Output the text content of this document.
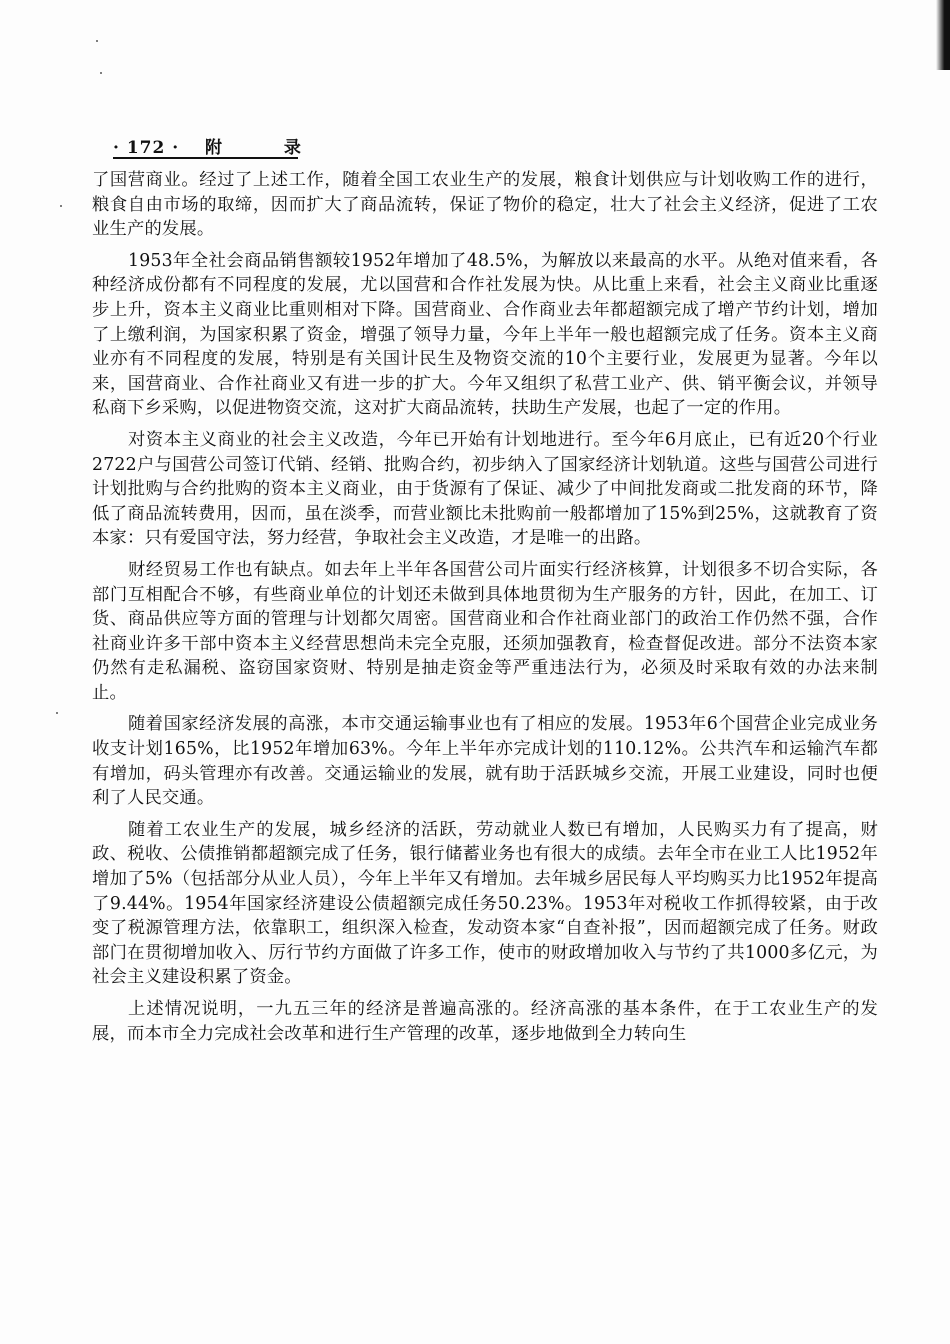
· 172 · 附 录

了国营商业。经过了上述工作，随着全国工农业生产的发展，粮食计划供应与计划收购工作的进行，粮食自由市场的取缔，因而扩大了商品流转，保证了物价的稳定，壮大了社会主义经济，促进了工农业生产的发展。

1953年全社会商品销售额较1952年增加了48.5%，为解放以来最高的水平。从绝对值来看，各种经济成份都有不同程度的发展，尤以国营和合作社发展为快。从比重上来看，社会主义商业比重逐步上升，资本主义商业比重则相对下降。国营商业、合作商业去年都超额完成了增产节约计划，增加了上缴利润，为国家积累了资金，增强了领导力量，今年上半年一般也超额完成了任务。资本主义商业亦有不同程度的发展，特别是有关国计民生及物资交流的10个主要行业，发展更为显著。今年以来，国营商业、合作社商业又有进一步的扩大。今年又组织了私营工业产、供、销平衡会议，并领导私商下乡采购，以促进物资交流，这对扩大商品流转，扶助生产发展，也起了一定的作用。

对资本主义商业的社会主义改造，今年已开始有计划地进行。至今年6月底止，已有近20个行业2722户与国营公司签订代销、经销、批购合约，初步纳入了国家经济计划轨道。这些与国营公司进行计划批购与合约批购的资本主义商业，由于货源有了保证、减少了中间批发商或二批发商的环节，降低了商品流转费用，因而，虽在淡季，而营业额比未批购前一般都增加了15%到25%，这就教育了资本家：只有爱国守法，努力经营，争取社会主义改造，才是唯一的出路。

财经贸易工作也有缺点。如去年上半年各国营公司片面实行经济核算，计划很多不切合实际，各部门互相配合不够，有些商业单位的计划还未做到具体地贯彻为生产服务的方针，因此，在加工、订货、商品供应等方面的管理与计划都欠周密。国营商业和合作社商业部门的政治工作仍然不强，合作社商业许多干部中资本主义经营思想尚未完全克服，还须加强教育，检查督促改进。部分不法资本家仍然有走私漏税、盗窃国家资财、特别是抽走资金等严重违法行为，必须及时采取有效的办法来制止。

随着国家经济发展的高涨，本市交通运输事业也有了相应的发展。1953年6个国营企业完成业务收支计划165%，比1952年增加63%。今年上半年亦完成计划的110.12%。公共汽车和运输汽车都有增加，码头管理亦有改善。交通运输业的发展，就有助于活跃城乡交流，开展工业建设，同时也便利了人民交通。

随着工农业生产的发展，城乡经济的活跃，劳动就业人数已有增加，人民购买力有了提高，财政、税收、公债推销都超额完成了任务，银行储蓄业务也有很大的成绩。去年全市在业工人比1952年增加了5%（包括部分从业人员），今年上半年又有增加。去年城乡居民每人平均购买力比1952年提高了9.44%。1954年国家经济建设公债超额完成任务50.23%。1953年对税收工作抓得较紧，由于改变了税源管理方法，依靠职工，组织深入检查，发动资本家“自查补报”，因而超额完成了任务。财政部门在贯彻增加收入、厉行节约方面做了许多工作，使市的财政增加收入与节约了共1000多亿元，为社会主义建设积累了资金。

上述情况说明，一九五三年的经济是普遍高涨的。经济高涨的基本条件，在于工农业生产的发展，而本市全力完成社会改革和进行生产管理的改革，逐步地做到全力转向生
